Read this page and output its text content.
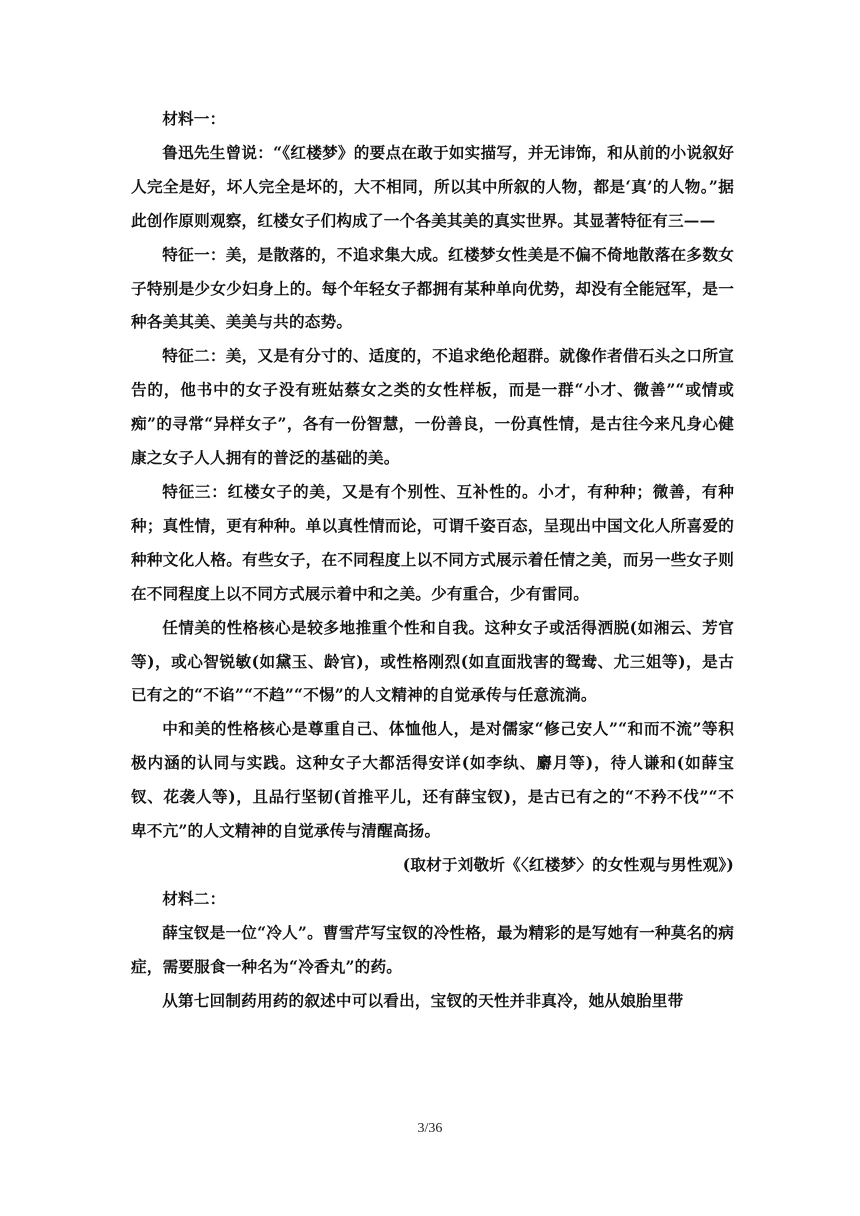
材料一：

鲁迅先生曾说：“《红楼梦》的要点在敢于如实描写，并无讳饰，和从前的小说叙好人完全是好，坏人完全是坏的，大不相同，所以其中所叙的人物，都是‘真’的人物。”据此创作原则观察，红楼女子们构成了一个各美其美的真实世界。其显著特征有三——

特征一：美，是散落的，不追求集大成。红楼梦女性美是不偏不倚地散落在多数女子特别是少女少妇身上的。每个年轻女子都拥有某种单向优势，却没有全能冠军，是一种各美其美、美美与共的态势。

特征二：美，又是有分寸的、适度的，不追求绝伦超群。就像作者借石头之口所宣告的，他书中的女子没有班姑蔡女之类的女性样板，而是一群“小才、微善”“或情或痴”的寻常“异样女子”，各有一份智慧，一份善良，一份真性情，是古往今来凡身心健康之女子人人拥有的普泛的基础的美。

特征三：红楼女子的美，又是有个别性、互补性的。小才，有种种；微善，有种种；真性情，更有种种。单以真性情而论，可谓千姿百态，呈现出中国文化人所喜爱的种种文化人格。有些女子，在不同程度上以不同方式展示着任情之美，而另一些女子则在不同程度上以不同方式展示着中和之美。少有重合，少有雷同。

任情美的性格核心是较多地推重个性和自我。这种女子或活得洒脱(如湘云、芳官等)，或心智锐敏(如黛玉、龄官)，或性格刚烈(如直面戕害的鸳鸯、尤三姐等)，是古已有之的“不谄”“不趋”“不惕”的人文精神的自觉承传与任意流淌。

中和美的性格核心是尊重自己、体恤他人，是对儒家“修己安人”“和而不流”等积极内涵的认同与实践。这种女子大都活得安详(如李纨、麝月等)，待人谦和(如薛宝钗、花袭人等)，且品行坚韧(首推平儿，还有薛宝钗)，是古已有之的“不矜不伐”“不卑不亢”的人文精神的自觉承传与清醒高扬。

(取材于刘敬圻《〈红楼梦〉的女性观与男性观》)

材料二：

薛宝钗是一位“冷人”。曹雪芹写宝钗的冷性格，最为精彩的是写她有一种莫名的病症，需要服食一种名为“冷香丸”的药。

从第七回制药用药的叙述中可以看出，宝钗的天性并非真冷，她从娘胎里带

3/36
